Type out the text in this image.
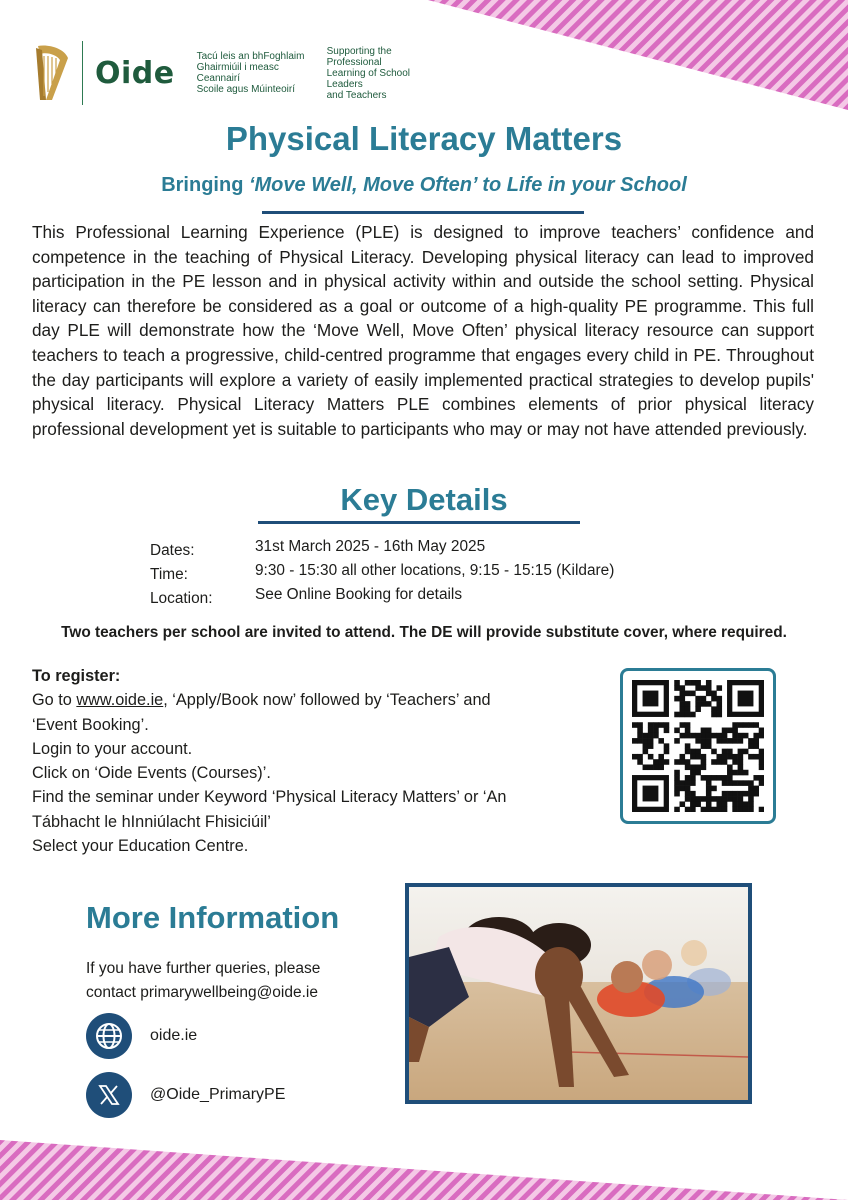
Oide Tacú leis an bhFoghlaim
Ghairmiúil i measc Ceannairí
Scoile agus Múinteoirí
Supporting the Professional
Learning of School Leaders
and Teachers
Physical Literacy Matters
Bringing ‘Move Well, Move Often’ to Life in your School
This Professional Learning Experience (PLE) is designed to improve teachers’ confidence and competence in the teaching of Physical Literacy. Developing physical literacy can lead to improved participation in the PE lesson and in physical activity within and outside the school setting. Physical literacy can therefore be considered as a goal or outcome of a high-quality PE programme. This full day PLE will demonstrate how the ‘Move Well, Move Often’ physical literacy resource can support teachers to teach a progressive, child-centred programme that engages every child in PE. Throughout the day participants will explore a variety of easily implemented practical strategies to develop pupils' physical literacy. Physical Literacy Matters PLE combines elements of prior physical literacy professional development yet is suitable to participants who may or may not have attended previously.
Key Details
Dates:	31st March 2025 - 16th May 2025
Time:	9:30 - 15:30 all other locations, 9:15 - 15:15 (Kildare)
Location:	See Online Booking for details
Two teachers per school are invited to attend. The DE will provide substitute cover, where required.
To register:
Go to www.oide.ie, ‘Apply/Book now’ followed by ‘Teachers’ and
‘Event Booking’.
Login to your account.
Click on ‘Oide Events (Courses)’.
Find the seminar under Keyword ‘Physical Literacy Matters’ or ‘An
Tábhacht le hInniúlacht Fhisiciúil’
Select your Education Centre.
More Information
If you have further queries, please
contact primarywellbeing@oide.ie
oide.ie
@Oide_PrimaryPE
